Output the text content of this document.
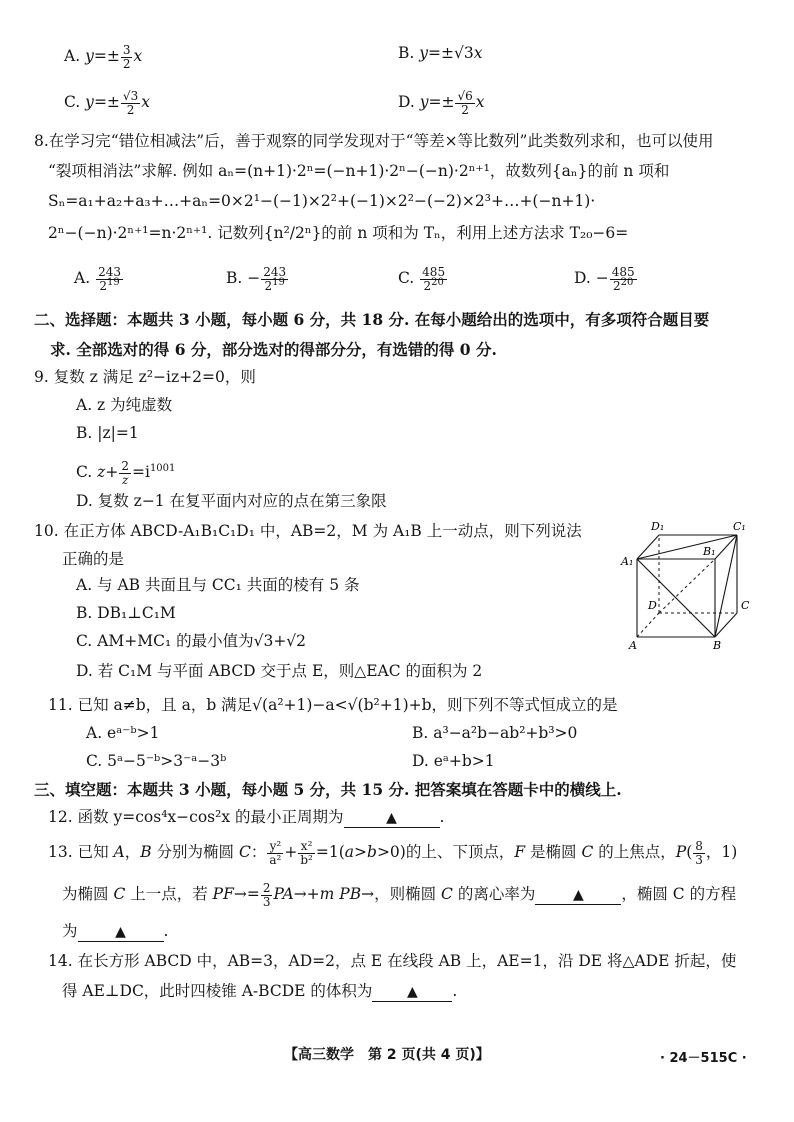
A. $y=\pm \frac{3}{2}$ x	B. y=±√3x
C. $y=\pm \frac{√3}{2}$ x	D. $y=\pm \frac{√6}{2}$ x
8.在学习完“错位相减法”后，善于观察的同学发现对于“等差×等比数列”此类数列求和，也可以使用
“裂项相消法”求解. 例如 aₙ=(n+1)·2ⁿ=(−n+1)·2ⁿ−(−n)·2ⁿ⁺¹，故数列{aₙ}的前 n 项和
Sₙ=a₁+a₂+a₃+…+aₙ=0×2¹−(−1)×2²+(−1)×2²−(−2)×2³+…+(−n+1)·
2ⁿ−(−n)·2ⁿ⁺¹=n·2ⁿ⁺¹. 记数列{n²/2ⁿ}的前 n 项和为 Tₙ，利用上述方法求 T₂₀−6=
A. $\frac{243}{2^{19}}$	B. − $\frac{243}{2^{19}}$	C. $\frac{485}{2^{20}}$	D. − $\frac{485}{2^{20}}$
二、选择题：本题共 3 小题，每小题 6 分，共 18 分. 在每小题给出的选项中，有多项符合题目要
求. 全部选对的得 6 分，部分选对的得部分分，有选错的得 0 分.
9. 复数 z 满足 z²−iz+2=0，则
A. z 为纯虚数
B. |z|=1
C. $z+ \frac{2}{z} =i^{1001}$
D. 复数 z−1 在复平面内对应的点在第三象限
10. 在正方体 ABCD-A₁B₁C₁D₁ 中，AB=2，M 为 A₁B 上一动点，则下列说法
正确的是
A. 与 AB 共面且与 CC₁ 共面的棱有 5 条
B. DB₁⊥C₁M
C. AM+MC₁ 的最小值为√3+√2
D. 若 C₁M 与平面 ABCD 交于点 E，则△EAC 的面积为 2
D₁	C₁
A₁
B₁
D	C
A	B
11. 已知 a≠b，且 a，b 满足√(a²+1)−a<√(b²+1)+b，则下列不等式恒成立的是
A. eᵃ⁻ᵇ>1	B. a³−a²b−ab²+b³>0
C. 5ᵃ−5⁻ᵇ>3⁻ᵃ−3ᵇ	D. eᵃ+b>1
三、填空题：本题共 3 小题，每小题 5 分，共 15 分. 把答案填在答题卡中的横线上.
12. 函数 y=cos⁴x−cos²x 的最小正周期为	▲	.
13. 已知 A，B 分别为椭圆 C： $\frac{\text{y²}}{\text{a²}} + \frac{\text{x²}}{\text{b²}} =1(a>b>0)$的上、下顶点，F 是椭圆 C 的上焦点，$P( \frac{8}{3}$ ，1)
为椭圆 C 上一点，若 $PF\to= \frac{2}{3} PA\to+m$ PB→，则椭圆 C 的离心率为	▲ ，椭圆 C 的方程
为	▲ .
14. 在长方形 ABCD 中，AB=3，AD=2，点 E 在线段 AB 上，AE=1，沿 DE 将△ADE 折起，使
得 AE⊥DC，此时四棱锥 A-BCDE 的体积为 ▲ .
【高三数学　第 2 页(共 4 页)】	· 24－515C ·
